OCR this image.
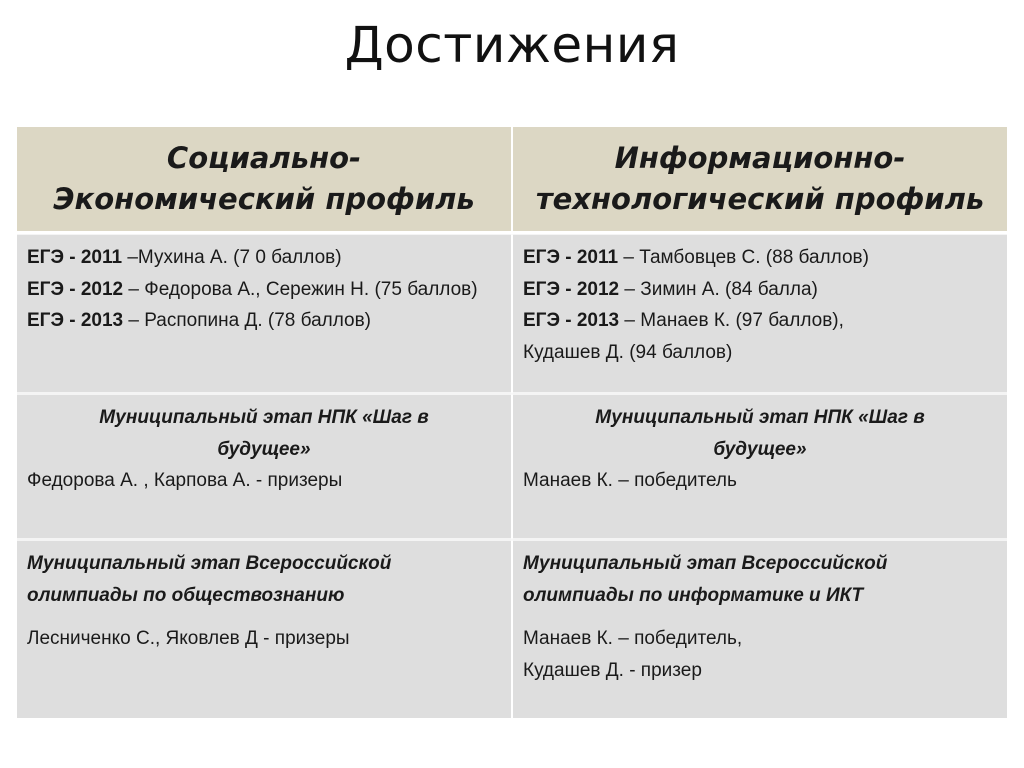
Достижения
Социально-
Экономический профиль
Информационно-
технологический профиль
ЕГЭ - 2011 –Мухина А. (7 0 баллов)
ЕГЭ - 2012 – Федорова А., Сережин Н. (75 баллов)
ЕГЭ - 2013 – Распопина Д. (78 баллов)
ЕГЭ - 2011 – Тамбовцев С. (88 баллов)
ЕГЭ - 2012 – Зимин А. (84 балла)
ЕГЭ - 2013 – Манаев К. (97 баллов),
Кудашев Д. (94 баллов)
Муниципальный этап НПК «Шаг в будущее»
Федорова А. , Карпова А. - призеры
Муниципальный этап НПК «Шаг в будущее»
Манаев К. – победитель
Муниципальный этап Всероссийской
олимпиады по обществознанию
Лесниченко С., Яковлев Д - призеры
Муниципальный этап Всероссийской
олимпиады по информатике и ИКТ
Манаев К. – победитель,
Кудашев Д. - призер
